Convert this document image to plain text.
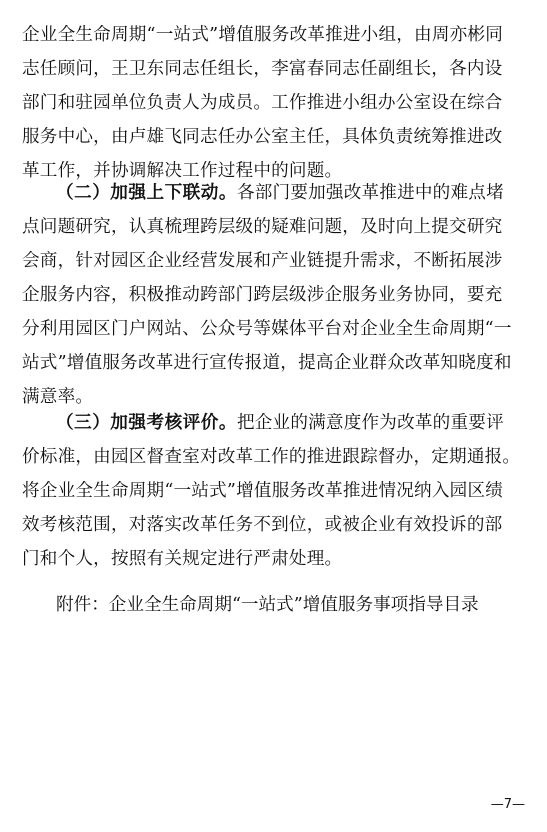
企业全生命周期“一站式”增值服务改革推进小组，由周亦彬同
志任顾问，王卫东同志任组长，李富春同志任副组长，各内设
部门和驻园单位负责人为成员。工作推进小组办公室设在综合
服务中心，由卢雄飞同志任办公室主任，具体负责统筹推进改
革工作，并协调解决工作过程中的问题。
（二）加强上下联动。各部门要加强改革推进中的难点堵
点问题研究，认真梳理跨层级的疑难问题，及时向上提交研究
会商，针对园区企业经营发展和产业链提升需求，不断拓展涉
企服务内容，积极推动跨部门跨层级涉企服务业务协同，要充
分利用园区门户网站、公众号等媒体平台对企业全生命周期“一
站式”增值服务改革进行宣传报道，提高企业群众改革知晓度和
满意率。
（三）加强考核评价。把企业的满意度作为改革的重要评
价标准，由园区督查室对改革工作的推进跟踪督办，定期通报。
将企业全生命周期“一站式”增值服务改革推进情况纳入园区绩
效考核范围，对落实改革任务不到位，或被企业有效投诉的部
门和个人，按照有关规定进行严肃处理。
附件：企业全生命周期“一站式”增值服务事项指导目录
—7—
